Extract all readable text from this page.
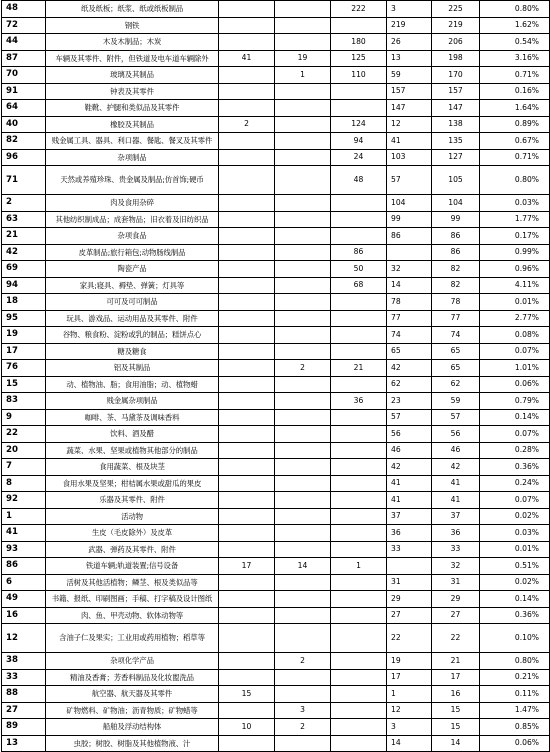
48	纸及纸板；纸浆、纸或纸板制品			222	3	225	0.80%
72	钢铁				219	219	1.62%
44	木及木制品；木炭			180	26	206	0.54%
87	车辆及其零件、附件，但铁道及电车道车辆除外	41	19	125	13	198	3.16%
70	玻璃及其制品		1	110	59	170	0.71%
91	钟表及其零件				157	157	0.16%
64	鞋靴、护腿和类似品及其零件				147	147	1.64%
40	橡胶及其制品	2		124	12	138	0.89%
82	贱金属工具、器具、利口器、餐匙、餐叉及其零件			94	41	135	0.67%
96	杂项制品			24	103	127	0.71%
71	天然或养殖珍珠、贵金属及制品;仿首饰;硬币			48	57	105	0.80%
2	肉及食用杂碎				104	104	0.03%
63	其他纺织制成品；成套物品；旧衣着及旧纺织品				99	99	1.77%
21	杂项食品				86	86	0.17%
42	皮革制品;旅行箱包;动物肠线制品			86		86	0.99%
69	陶瓷产品			50	32	82	0.96%
94	家具;寝具、褥垫、弹簧；灯具等			68	14	82	4.11%
18	可可及可可制品				78	78	0.01%
95	玩具、游戏品、运动用品及其零件、附件				77	77	2.77%
19	谷物、粮食粉、淀粉或乳的制品；糕饼点心				74	74	0.08%
17	糖及糖食				65	65	0.07%
76	铝及其制品		2	21	42	65	1.01%
15	动、植物油、脂；食用油脂；动、植物蜡				62	62	0.06%
83	贱金属杂项制品			36	23	59	0.79%
9	咖啡、茶、马黛茶及调味香料				57	57	0.14%
22	饮料、酒及醋				56	56	0.07%
20	蔬菜、水果、坚果或植物其他部分的制品				46	46	0.28%
7	食用蔬菜、根及块茎				42	42	0.36%
8	食用水果及坚果；柑桔属水果或甜瓜的果皮				41	41	0.24%
92	乐器及其零件、附件				41	41	0.07%
1	活动物				37	37	0.02%
41	生皮（毛皮除外）及皮革				36	36	0.03%
93	武器、弹药及其零件、附件				33	33	0.01%
86	铁道车辆;轨道装置;信号设备	17	14	1		32	0.51%
6	活树及其他活植物；鳞茎、根及类似品等				31	31	0.02%
49	书籍、报纸、印刷图画；手稿、打字稿及设计图纸				29	29	0.14%
16	肉、鱼、甲壳动物、软体动物等				27	27	0.36%
12	含油子仁及果实；工业用或药用植物；稻草等				22	22	0.10%
38	杂项化学产品		2		19	21	0.80%
33	精油及香膏；芳香料制品及化妆盥洗品				17	17	0.21%
88	航空器、航天器及其零件	15			1	16	0.11%
27	矿物燃料、矿物油；沥青物质；矿物蜡等		3		12	15	1.47%
89	船舶及浮动结构体	10	2		3	15	0.85%
13	虫胶；树胶、树脂及其他植物液、汁				14	14	0.06%
